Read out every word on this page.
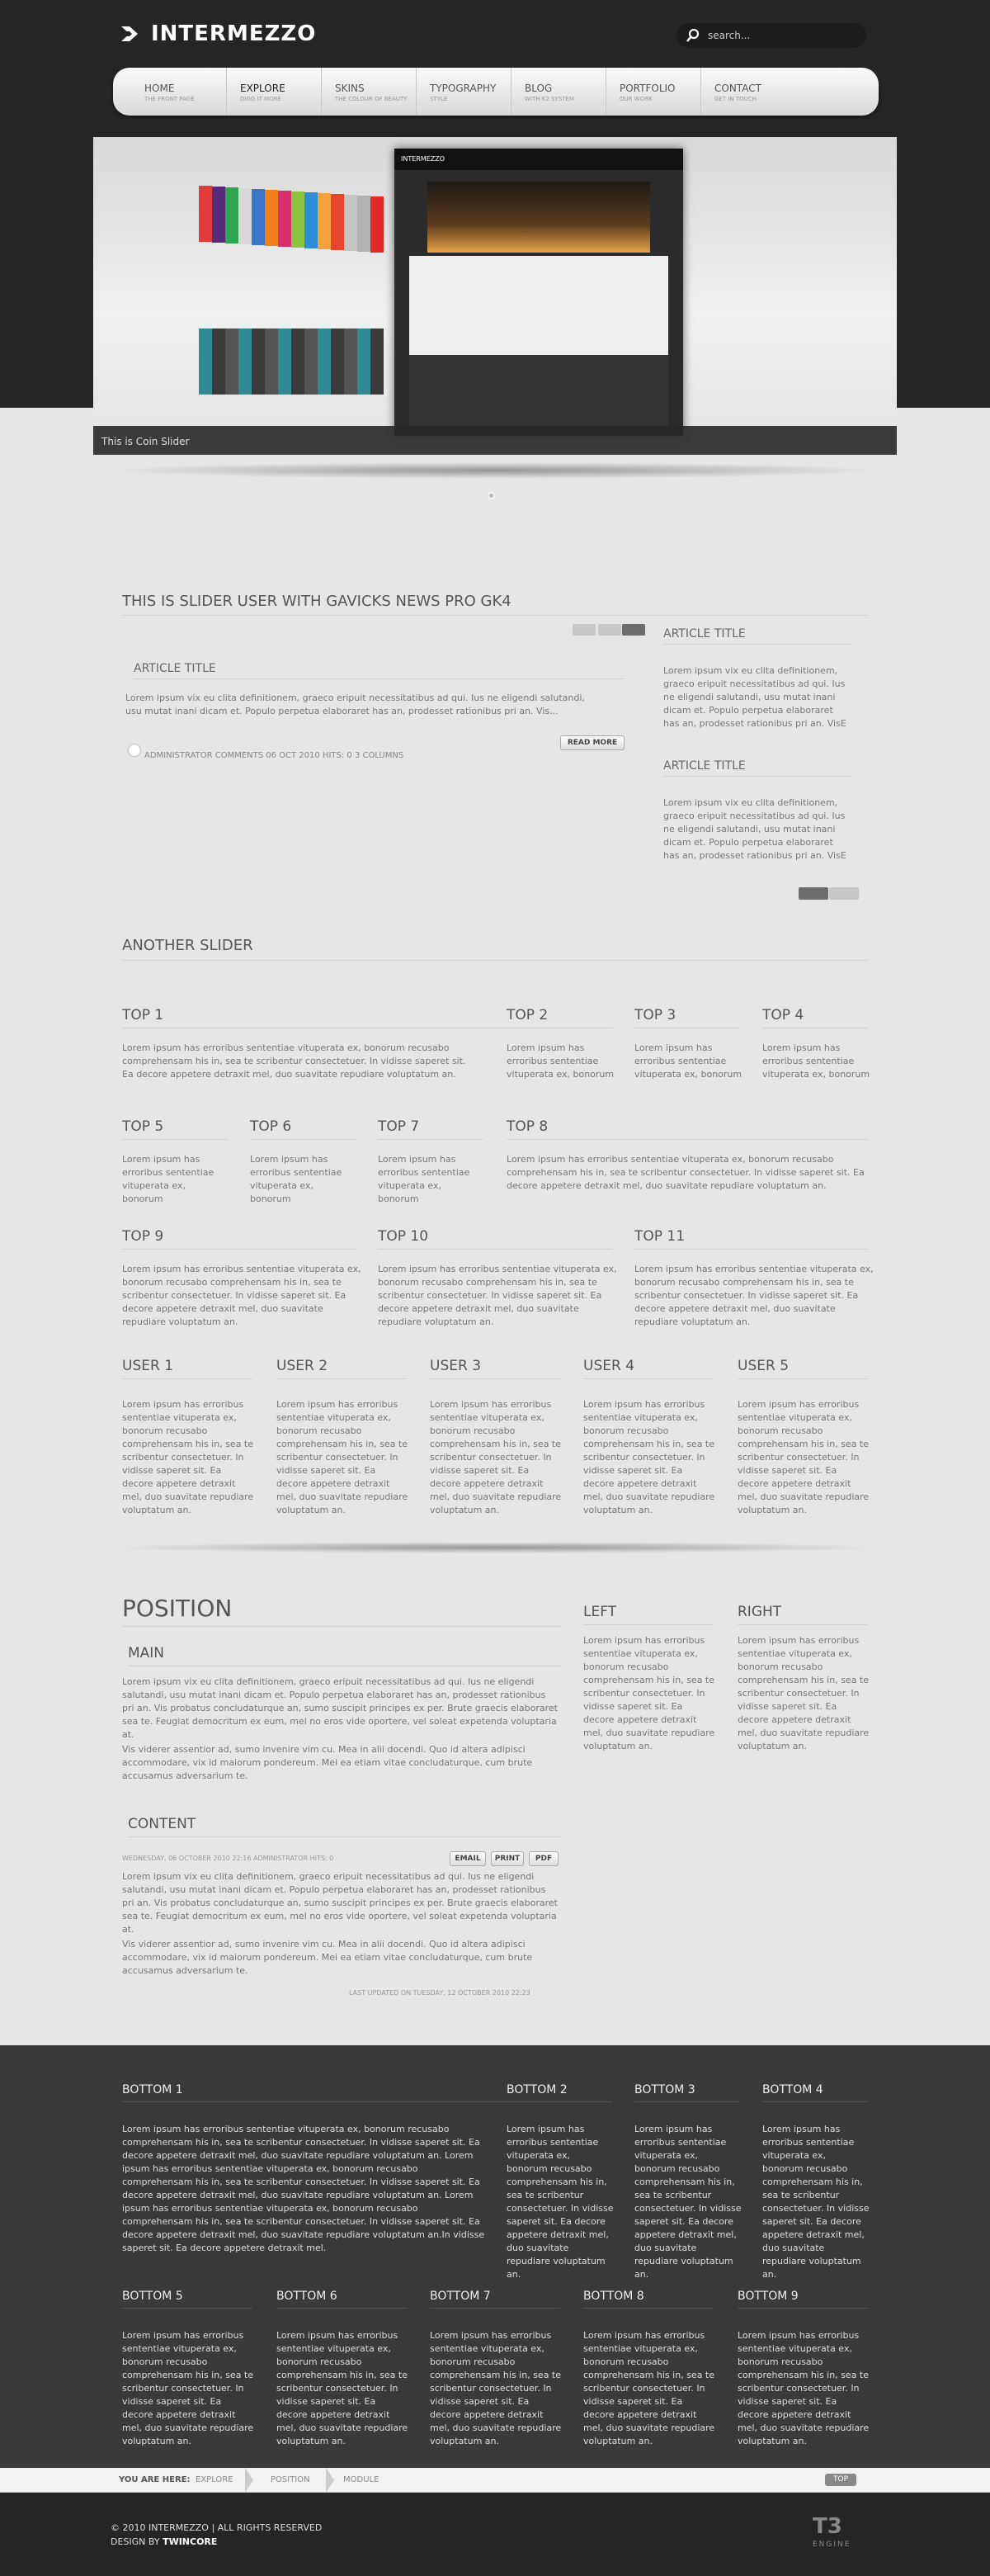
INTERMEZZO	search...
HOME
THE FRONT PAGE
EXPLORE
DIGG IT MORE
SKINS
THE COLOUR OF BEAUTY
TYPOGRAPHY
STYLE
BLOG
WITH K2 SYSTEM
PORTFOLIO
OUR WORK
CONTACT
GET IN TOUCH
INTERMEZZO
This is Coin Slider
THIS IS SLIDER USER WITH GAVICKS NEWS PRO GK4
ARTICLE TITLE
Lorem ipsum vix eu clita definitionem, graeco eripuit necessitatibus ad qui. Ius ne eligendi salutandi, usu mutat inani dicam et. Populo perpetua elaboraret has an, prodesset rationibus pri an. Vis...
ADMINISTRATOR COMMENTS 06 OCT 2010 HITS: 0 3 COLUMNS
READ MORE
ARTICLE TITLE
Lorem ipsum vix eu clita definitionem, graeco eripuit necessitatibus ad qui. Ius ne eligendi salutandi, usu mutat inani dicam et. Populo perpetua elaboraret has an, prodesset rationibus pri an. VisE
ARTICLE TITLE
Lorem ipsum vix eu clita definitionem, graeco eripuit necessitatibus ad qui. Ius ne eligendi salutandi, usu mutat inani dicam et. Populo perpetua elaboraret has an, prodesset rationibus pri an. VisE
ANOTHER SLIDER
TOP 1
Lorem ipsum has erroribus sententiae vituperata ex, bonorum recusabo comprehensam his in, sea te scribentur consectetuer. In vidisse saperet sit. Ea decore appetere detraxit mel, duo suavitate repudiare voluptatum an.
TOP 2
Lorem ipsum has erroribus sententiae vituperata ex, bonorum
TOP 3
Lorem ipsum has erroribus sententiae vituperata ex, bonorum
TOP 4
Lorem ipsum has erroribus sententiae vituperata ex, bonorum
TOP 5
Lorem ipsum has erroribus sententiae vituperata ex, bonorum
TOP 6
Lorem ipsum has erroribus sententiae vituperata ex, bonorum
TOP 7
Lorem ipsum has erroribus sententiae vituperata ex, bonorum
TOP 8
Lorem ipsum has erroribus sententiae vituperata ex, bonorum recusabo comprehensam his in, sea te scribentur consectetuer. In vidisse saperet sit. Ea decore appetere detraxit mel, duo suavitate repudiare voluptatum an.
TOP 9
Lorem ipsum has erroribus sententiae vituperata ex, bonorum recusabo comprehensam his in, sea te scribentur consectetuer. In vidisse saperet sit. Ea decore appetere detraxit mel, duo suavitate repudiare voluptatum an.
TOP 10
Lorem ipsum has erroribus sententiae vituperata ex, bonorum recusabo comprehensam his in, sea te scribentur consectetuer. In vidisse saperet sit. Ea decore appetere detraxit mel, duo suavitate repudiare voluptatum an.
TOP 11
Lorem ipsum has erroribus sententiae vituperata ex, bonorum recusabo comprehensam his in, sea te scribentur consectetuer. In vidisse saperet sit. Ea decore appetere detraxit mel, duo suavitate repudiare voluptatum an.
USER 1
Lorem ipsum has erroribus sententiae vituperata ex, bonorum recusabo comprehensam his in, sea te scribentur consectetuer. In vidisse saperet sit. Ea decore appetere detraxit mel, duo suavitate repudiare voluptatum an.
USER 2
Lorem ipsum has erroribus sententiae vituperata ex, bonorum recusabo comprehensam his in, sea te scribentur consectetuer. In vidisse saperet sit. Ea decore appetere detraxit mel, duo suavitate repudiare voluptatum an.
USER 3
Lorem ipsum has erroribus sententiae vituperata ex, bonorum recusabo comprehensam his in, sea te scribentur consectetuer. In vidisse saperet sit. Ea decore appetere detraxit mel, duo suavitate repudiare voluptatum an.
USER 4
Lorem ipsum has erroribus sententiae vituperata ex, bonorum recusabo comprehensam his in, sea te scribentur consectetuer. In vidisse saperet sit. Ea decore appetere detraxit mel, duo suavitate repudiare voluptatum an.
USER 5
Lorem ipsum has erroribus sententiae vituperata ex, bonorum recusabo comprehensam his in, sea te scribentur consectetuer. In vidisse saperet sit. Ea decore appetere detraxit mel, duo suavitate repudiare voluptatum an.
POSITION
MAIN
Lorem ipsum vix eu clita definitionem, graeco eripuit necessitatibus ad qui. Ius ne eligendi salutandi, usu mutat inani dicam et. Populo perpetua elaboraret has an, prodesset rationibus pri an. Vis probatus concludaturque an, sumo suscipit principes ex per. Brute graecis elaboraret sea te. Feugiat democritum ex eum, mel no eros vide oportere, vel soleat expetenda voluptaria at.
Vis viderer assentior ad, sumo invenire vim cu. Mea in alii docendi. Quo id altera adipisci accommodare, vix id maiorum pondereum. Mei ea etiam vitae concludaturque, cum brute accusamus adversarium te.
CONTENT
WEDNESDAY, 06 OCTOBER 2010 22:16 ADMINISTRATOR HITS: 0	EMAIL	PRINT	PDF
Lorem ipsum vix eu clita definitionem, graeco eripuit necessitatibus ad qui. Ius ne eligendi salutandi, usu mutat inani dicam et. Populo perpetua elaboraret has an, prodesset rationibus pri an. Vis probatus concludaturque an, sumo suscipit principes ex per. Brute graecis elaboraret sea te. Feugiat democritum ex eum, mel no eros vide oportere, vel soleat expetenda voluptaria at.
Vis viderer assentior ad, sumo invenire vim cu. Mea in alii docendi. Quo id altera adipisci accommodare, vix id maiorum pondereum. Mei ea etiam vitae concludaturque, cum brute accusamus adversarium te.
LAST UPDATED ON TUESDAY, 12 OCTOBER 2010 22:23
LEFT
Lorem ipsum has erroribus sententiae vituperata ex, bonorum recusabo comprehensam his in, sea te scribentur consectetuer. In vidisse saperet sit. Ea decore appetere detraxit mel, duo suavitate repudiare voluptatum an.
RIGHT
Lorem ipsum has erroribus sententiae vituperata ex, bonorum recusabo comprehensam his in, sea te scribentur consectetuer. In vidisse saperet sit. Ea decore appetere detraxit mel, duo suavitate repudiare voluptatum an.
BOTTOM 1
Lorem ipsum has erroribus sententiae vituperata ex, bonorum recusabo comprehensam his in, sea te scribentur consectetuer. In vidisse saperet sit. Ea decore appetere detraxit mel, duo suavitate repudiare voluptatum an. Lorem ipsum has erroribus sententiae vituperata ex, bonorum recusabo comprehensam his in, sea te scribentur consectetuer. In vidisse saperet sit. Ea decore appetere detraxit mel, duo suavitate repudiare voluptatum an. Lorem ipsum has erroribus sententiae vituperata ex, bonorum recusabo comprehensam his in, sea te scribentur consectetuer. In vidisse saperet sit. Ea decore appetere detraxit mel, duo suavitate repudiare voluptatum an.In vidisse saperet sit. Ea decore appetere detraxit mel.
BOTTOM 2
Lorem ipsum has erroribus sententiae vituperata ex, bonorum recusabo comprehensam his in, sea te scribentur consectetuer. In vidisse saperet sit. Ea decore appetere detraxit mel, duo suavitate repudiare voluptatum an.
BOTTOM 3
Lorem ipsum has erroribus sententiae vituperata ex, bonorum recusabo comprehensam his in, sea te scribentur consectetuer. In vidisse saperet sit. Ea decore appetere detraxit mel, duo suavitate repudiare voluptatum an.
BOTTOM 4
Lorem ipsum has erroribus sententiae vituperata ex, bonorum recusabo comprehensam his in, sea te scribentur consectetuer. In vidisse saperet sit. Ea decore appetere detraxit mel, duo suavitate repudiare voluptatum an.
BOTTOM 5
Lorem ipsum has erroribus sententiae vituperata ex, bonorum recusabo comprehensam his in, sea te scribentur consectetuer. In vidisse saperet sit. Ea decore appetere detraxit mel, duo suavitate repudiare voluptatum an.
BOTTOM 6
Lorem ipsum has erroribus sententiae vituperata ex, bonorum recusabo comprehensam his in, sea te scribentur consectetuer. In vidisse saperet sit. Ea decore appetere detraxit mel, duo suavitate repudiare voluptatum an.
BOTTOM 7
Lorem ipsum has erroribus sententiae vituperata ex, bonorum recusabo comprehensam his in, sea te scribentur consectetuer. In vidisse saperet sit. Ea decore appetere detraxit mel, duo suavitate repudiare voluptatum an.
BOTTOM 8
Lorem ipsum has erroribus sententiae vituperata ex, bonorum recusabo comprehensam his in, sea te scribentur consectetuer. In vidisse saperet sit. Ea decore appetere detraxit mel, duo suavitate repudiare voluptatum an.
BOTTOM 9
Lorem ipsum has erroribus sententiae vituperata ex, bonorum recusabo comprehensam his in, sea te scribentur consectetuer. In vidisse saperet sit. Ea decore appetere detraxit mel, duo suavitate repudiare voluptatum an.
YOU ARE HERE: EXPLORE	POSITION	MODULE	TOP
© 2010 INTERMEZZO | ALL RIGHTS RESERVED
DESIGN BY TWINCORE
T3
ENGINE
